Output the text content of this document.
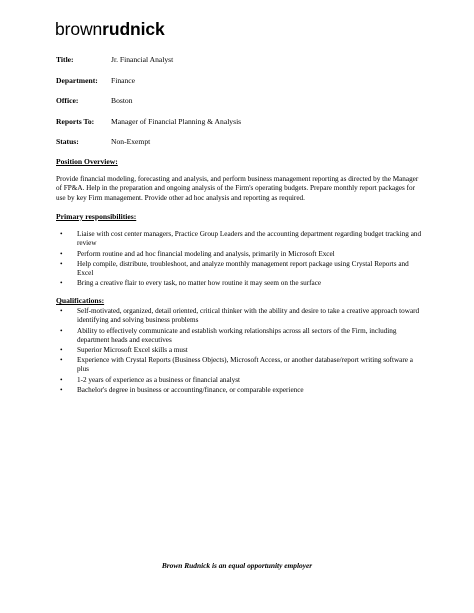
brownrudnick
Title:	Jr. Financial Analyst
Department: Finance
Office:	Boston
Reports To: Manager of Financial Planning & Analysis
Status:	Non-Exempt
Position Overview:

Provide financial modeling, forecasting and analysis, and perform business management reporting as directed by the Manager of FP&A. Help in the preparation and ongoing analysis of the Firm's operating budgets. Prepare monthly report packages for use by key Firm management. Provide other ad hoc analysis and reporting as required.

Primary responsibilities:
• Liaise with cost center managers, Practice Group Leaders and the accounting department regarding budget tracking and review
• Perform routine and ad hoc financial modeling and analysis, primarily in Microsoft Excel
• Help compile, distribute, troubleshoot, and analyze monthly management report package using Crystal Reports and Excel
• Bring a creative flair to every task, no matter how routine it may seem on the surface
Qualifications:
• Self-motivated, organized, detail oriented, critical thinker with the ability and desire to take a creative approach toward identifying and solving business problems
• Ability to effectively communicate and establish working relationships across all sectors of the Firm, including department heads and executives
• Superior Microsoft Excel skills a must
• Experience with Crystal Reports (Business Objects), Microsoft Access, or another database/report writing software a plus
• 1-2 years of experience as a business or financial analyst
• Bachelor's degree in business or accounting/finance, or comparable experience
Brown Rudnick is an equal opportunity employer
